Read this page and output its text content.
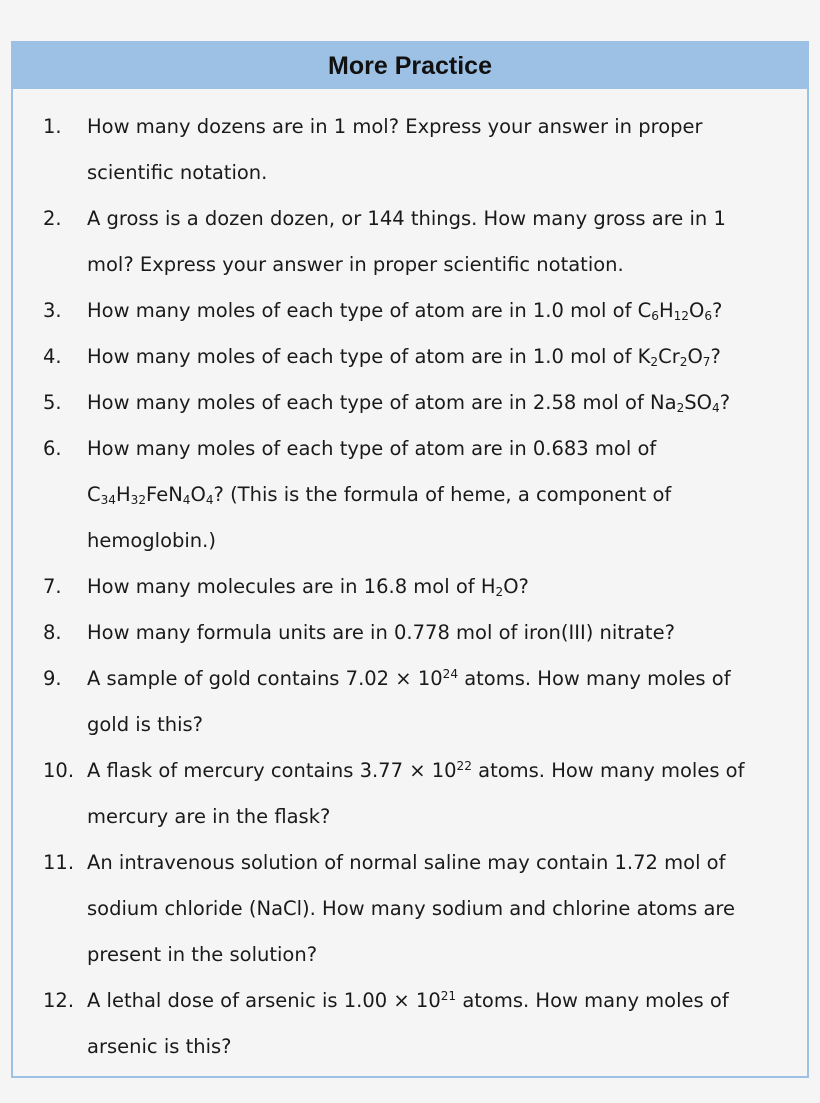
More Practice
1.	How many dozens are in 1 mol? Express your answer in proper scientific notation.
2.	A gross is a dozen dozen, or 144 things. How many gross are in 1 mol? Express your answer in proper scientific notation.
3.	How many moles of each type of atom are in 1.0 mol of $C_6H_{12}O_6$?
4.	How many moles of each type of atom are in 1.0 mol of $K_2Cr_2O_7$?
5.	How many moles of each type of atom are in 2.58 mol of $Na_2SO_4$?
6.	How many moles of each type of atom are in 0.683 mol of $C_{34}H_{32}FeN_4O_4$? (This is the formula of heme, a component of hemoglobin.)
7.	How many molecules are in 16.8 mol of $H_2O$?
8.	How many formula units are in 0.778 mol of iron(III) nitrate?
9.	A sample of gold contains $7.02 \times 10^{24}$ atoms. How many moles of gold is this?
10. A flask of mercury contains $3.77 \times 10^{22}$ atoms. How many moles of mercury are in the flask?
11. An intravenous solution of normal saline may contain 1.72 mol of sodium chloride (NaCl). How many sodium and chlorine atoms are present in the solution?
12. A lethal dose of arsenic is $1.00 \times 10^{21}$ atoms. How many moles of arsenic is this?
